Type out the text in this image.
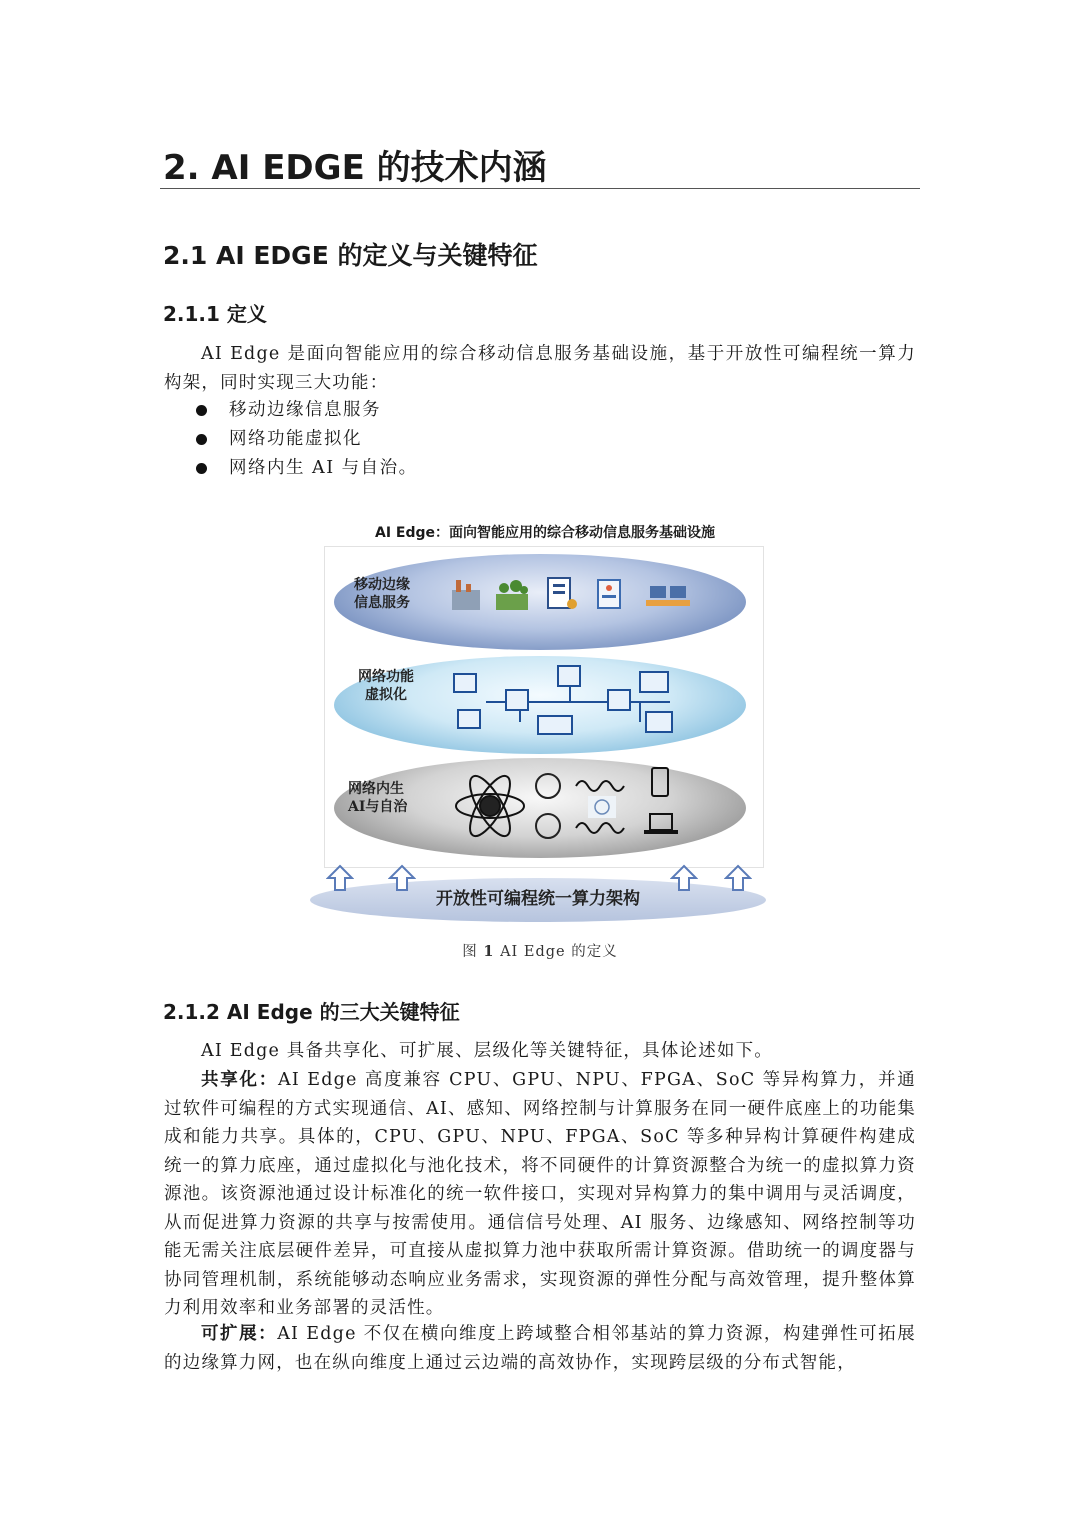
2. AI EDGE 的技术内涵
2.1 AI EDGE 的定义与关键特征
2.1.1 定义

AI Edge 是面向智能应用的综合移动信息服务基础设施，基于开放性可编程统一算力构架，同时实现三大功能：

移动边缘信息服务
网络功能虚拟化
网络内生 AI 与自治。
AI Edge：面向智能应用的综合移动信息服务基础设施
移动边缘
信息服务
网络功能
虚拟化
网络内生
AI与自治
开放性可编程统一算力架构
图 1 AI Edge 的定义
2.1.2 AI Edge 的三大关键特征

AI Edge 具备共享化、可扩展、层级化等关键特征，具体论述如下。

共享化：AI Edge 高度兼容 CPU、GPU、NPU、FPGA、SoC 等异构算力，并通过软件可编程的方式实现通信、AI、感知、网络控制与计算服务在同一硬件底座上的功能集成和能力共享。具体的，CPU、GPU、NPU、FPGA、SoC 等多种异构计算硬件构建成统一的算力底座，通过虚拟化与池化技术，将不同硬件的计算资源整合为统一的虚拟算力资源池。该资源池通过设计标准化的统一软件接口，实现对异构算力的集中调用与灵活调度，从而促进算力资源的共享与按需使用。通信信号处理、AI 服务、边缘感知、网络控制等功能无需关注底层硬件差异，可直接从虚拟算力池中获取所需计算资源。借助统一的调度器与协同管理机制，系统能够动态响应业务需求，实现资源的弹性分配与高效管理，提升整体算力利用效率和业务部署的灵活性。

可扩展：AI Edge 不仅在横向维度上跨域整合相邻基站的算力资源，构建弹性可拓展的边缘算力网，也在纵向维度上通过云边端的高效协作，实现跨层级的分布式智能，
